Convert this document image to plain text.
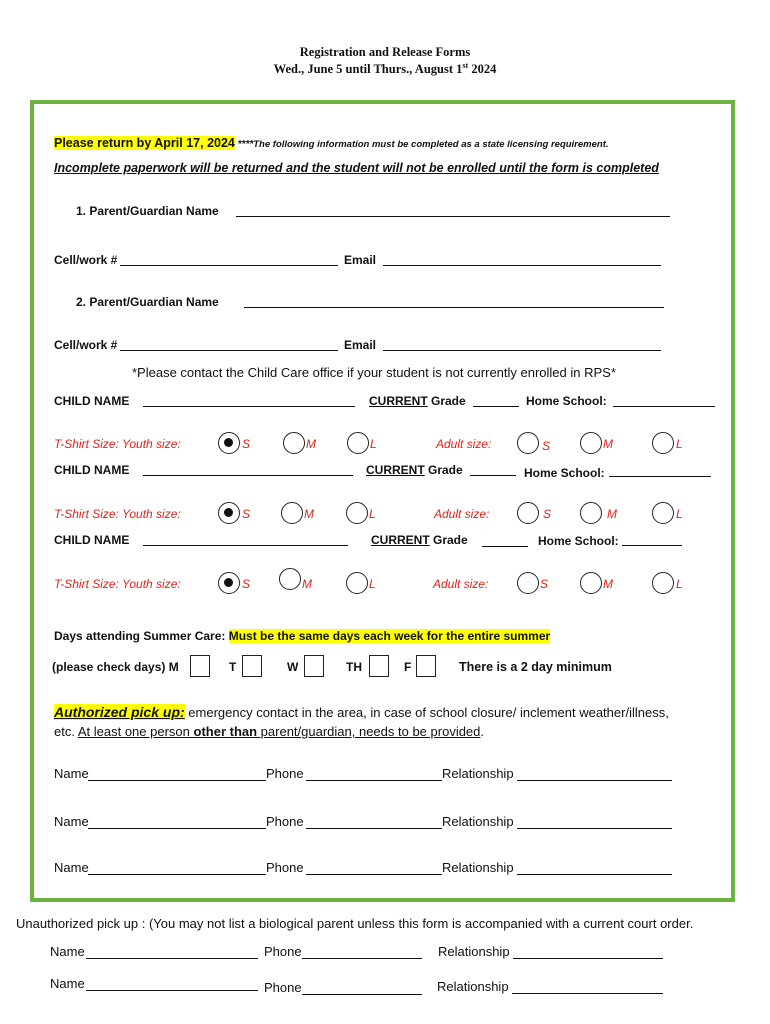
Registration and Release Forms
Wed., June 5 until Thurs., August 1st 2024
Please return by April 17, 2024 ****The following information must be completed as a state licensing requirement.
Incomplete paperwork will be returned and the student will not be enrolled until the form is completed
1. Parent/Guardian Name
Cell/work #	Email
2. Parent/Guardian Name
Cell/work #	Email
*Please contact the Child Care office if your student is not currently enrolled in RPS*
CHILD NAME	CURRENT Grade	Home School:
T-Shirt Size: Youth size:	S	M	L	Adult size:	S	M	L
CHILD NAME	CURRENT Grade	Home School:
T-Shirt Size: Youth size:	S	M	L	Adult size:	S	M	L
CHILD NAME	CURRENT Grade	Home School:
T-Shirt Size: Youth size:	S	M	L	Adult size:	S	M	L
Days attending Summer Care: Must be the same days each week for the entire summer
(please check days) M	T	W	TH	F	There is a 2 day minimum
Authorized pick up: emergency contact in the area, in case of school closure/ inclement weather/illness,
etc. At least one person other than parent/guardian, needs to be provided.
Name	Phone	Relationship
Name	Phone	Relationship
Name	Phone	Relationship
Unauthorized pick up : (You may not list a biological parent unless this form is accompanied with a current court order.
Name	Phone	Relationship
Name	Phone	Relationship
